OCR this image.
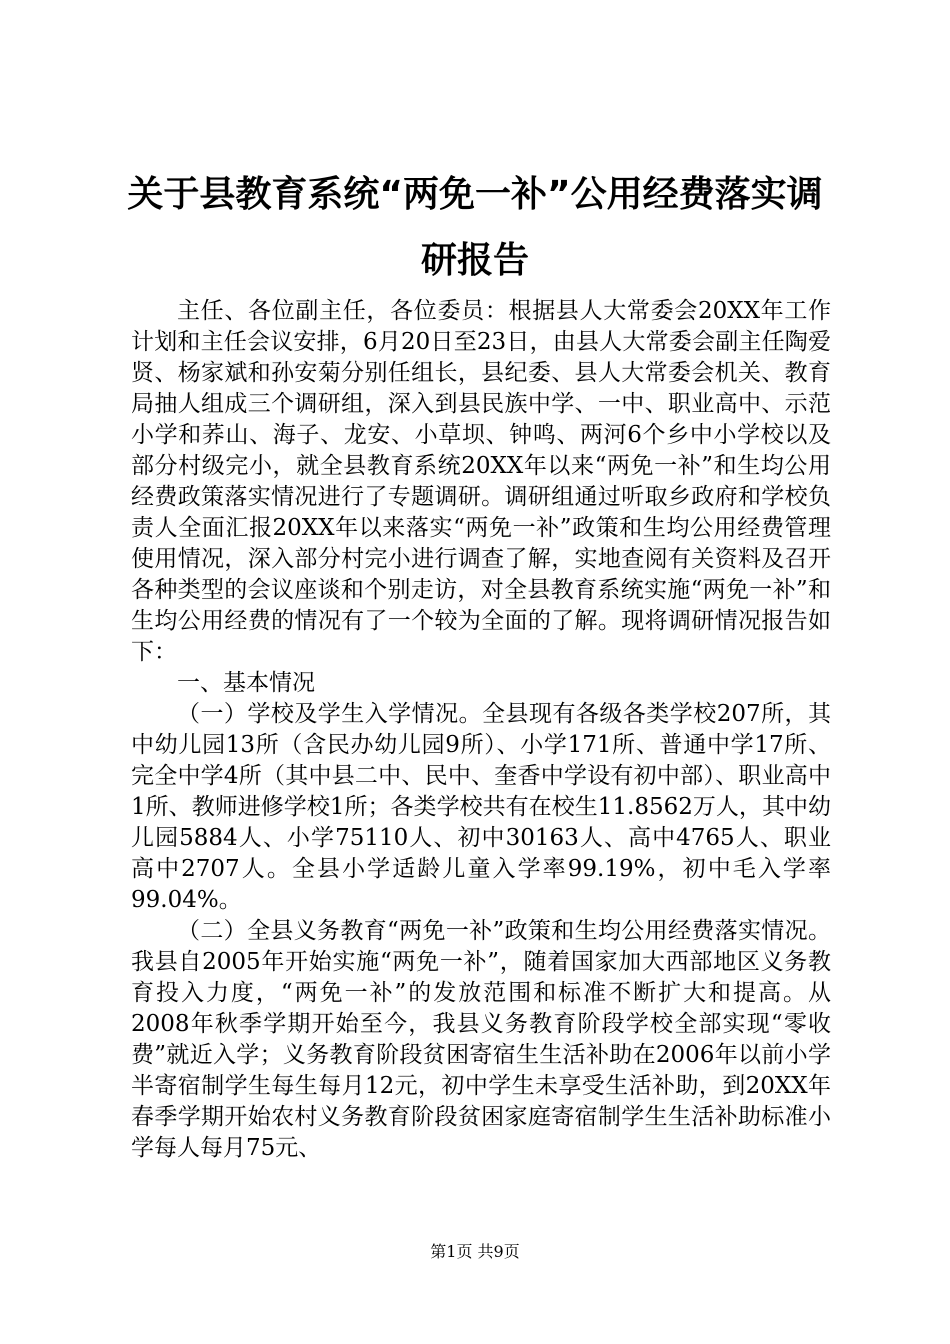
关于县教育系统“两免一补”公用经费落实调研报告

主任、各位副主任，各位委员：根据县人大常委会20XX年工作计划和主任会议安排，6月20日至23日，由县人大常委会副主任陶爱贤、杨家斌和孙安菊分别任组长，县纪委、县人大常委会机关、教育局抽人组成三个调研组，深入到县民族中学、一中、职业高中、示范小学和荞山、海子、龙安、小草坝、钟鸣、两河6个乡中小学校以及部分村级完小，就全县教育系统20XX年以来“两免一补”和生均公用经费政策落实情况进行了专题调研。调研组通过听取乡政府和学校负责人全面汇报20XX年以来落实“两免一补”政策和生均公用经费管理使用情况，深入部分村完小进行调查了解，实地查阅有关资料及召开各种类型的会议座谈和个别走访，对全县教育系统实施“两免一补”和生均公用经费的情况有了一个较为全面的了解。现将调研情况报告如下：

一、基本情况

（一）学校及学生入学情况。全县现有各级各类学校207所，其中幼儿园13所（含民办幼儿园9所）、小学171所、普通中学17所、完全中学4所（其中县二中、民中、奎香中学设有初中部）、职业高中1所、教师进修学校1所；各类学校共有在校生11.8562万人，其中幼儿园5884人、小学75110人、初中30163人、高中4765人、职业高中2707人。全县小学适龄儿童入学率99.19%，初中毛入学率99.04%。

（二）全县义务教育“两免一补”政策和生均公用经费落实情况。我县自2005年开始实施“两免一补”，随着国家加大西部地区义务教育投入力度，“两免一补”的发放范围和标准不断扩大和提高。从2008年秋季学期开始至今，我县义务教育阶段学校全部实现“零收费”就近入学；义务教育阶段贫困寄宿生生活补助在2006年以前小学半寄宿制学生每生每月12元，初中学生未享受生活补助，到20XX年春季学期开始农村义务教育阶段贫困家庭寄宿制学生生活补助标准小学每人每月75元、

第1页 共9页
